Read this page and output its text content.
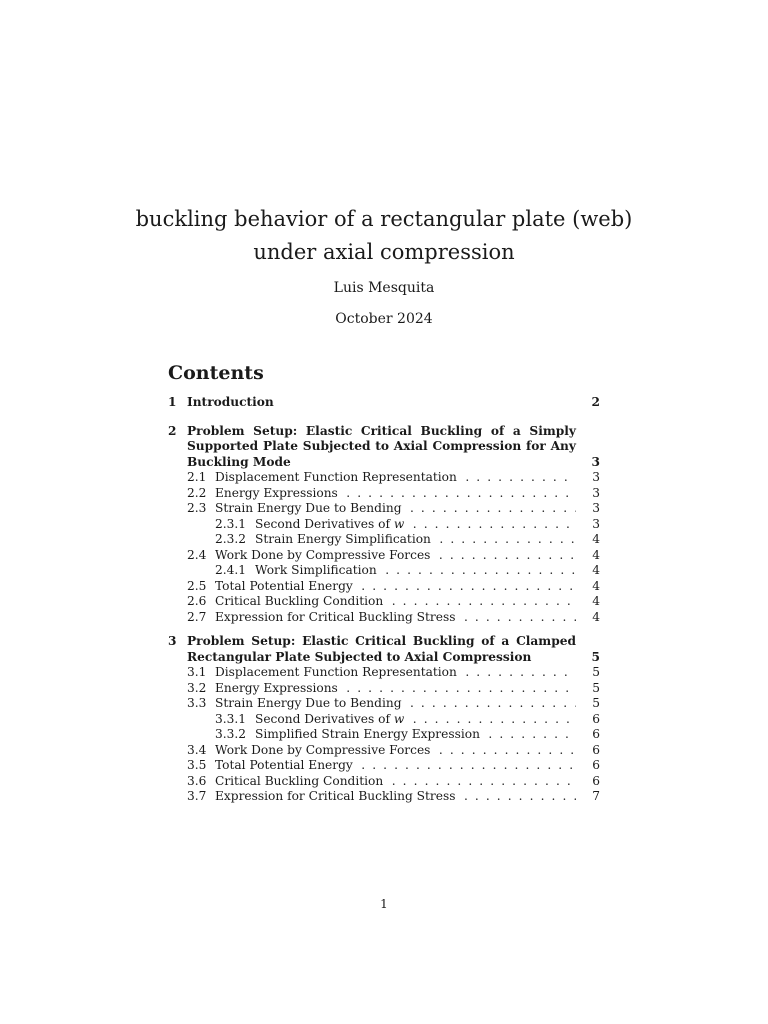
buckling behavior of a rectangular plate (web)
under axial compression
Luis Mesquita
October 2024
Contents
1 Introduction	2
2 Problem Setup: Elastic Critical Buckling of a Simply Supported Plate Subjected to Axial Compression for Any Buckling Mode	3
2.1 Displacement Function Representation . . .	3
2.2 Energy Expressions . . .	3
2.3 Strain Energy Due to Bending . . .	3
2.3.1 Second Derivatives of w . . .	3
2.3.2 Strain Energy Simplification . . .	4
2.4 Work Done by Compressive Forces . . .	4
2.4.1 Work Simplification . . .	4
2.5 Total Potential Energy . . .	4
2.6 Critical Buckling Condition . . .	4
2.7 Expression for Critical Buckling Stress . . .	4
3 Problem Setup: Elastic Critical Buckling of a Clamped Rectangular Plate Subjected to Axial Compression	5
3.1 Displacement Function Representation . . .	5
3.2 Energy Expressions . . .	5
3.3 Strain Energy Due to Bending . . .	5
3.3.1 Second Derivatives of w . . .	6
3.3.2 Simplified Strain Energy Expression . . .	6
3.4 Work Done by Compressive Forces . . .	6
3.5 Total Potential Energy . . .	6
3.6 Critical Buckling Condition . . .	6
3.7 Expression for Critical Buckling Stress . . .	7
1
